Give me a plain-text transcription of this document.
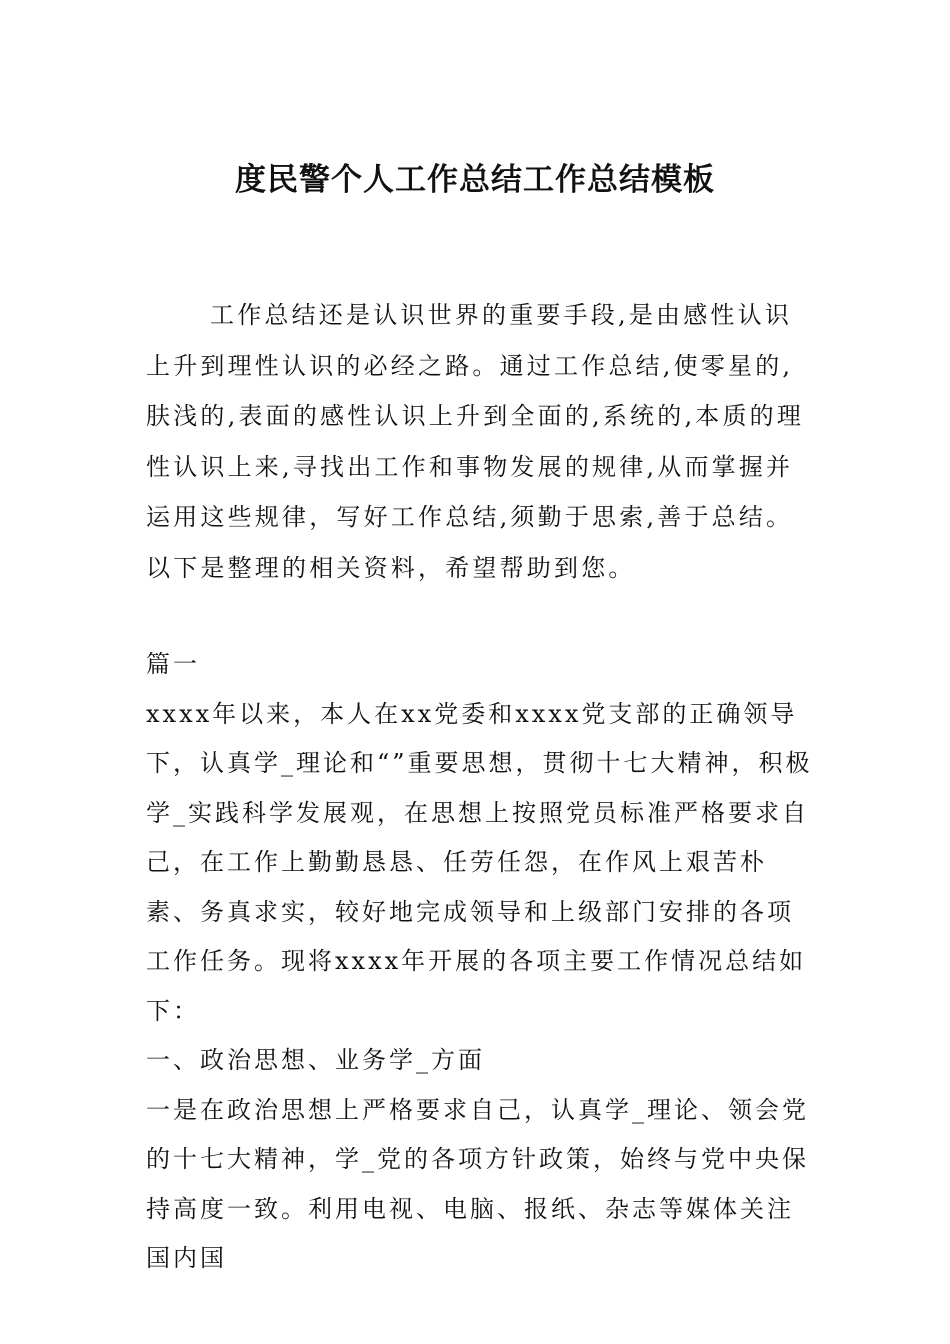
度民警个人工作总结工作总结模板

工作总结还是认识世界的重要手段,是由感性认识上升到理性认识的必经之路。通过工作总结,使零星的,肤浅的,表面的感性认识上升到全面的,系统的,本质的理性认识上来,寻找出工作和事物发展的规律,从而掌握并运用这些规律，写好工作总结,须勤于思索,善于总结。以下是整理的相关资料，希望帮助到您。

篇一

xxxx年以来，本人在xx党委和xxxx党支部的正确领导下，认真学_理论和“”重要思想，贯彻十七大精神，积极学_实践科学发展观，在思想上按照党员标准严格要求自己，在工作上勤勤恳恳、任劳任怨，在作风上艰苦朴素、务真求实，较好地完成领导和上级部门安排的各项工作任务。现将xxxx年开展的各项主要工作情况总结如下：

一、政治思想、业务学_方面

一是在政治思想上严格要求自己，认真学_理论、领会党的十七大精神，学_党的各项方针政策，始终与党中央保持高度一致。利用电视、电脑、报纸、杂志等媒体关注国内国
